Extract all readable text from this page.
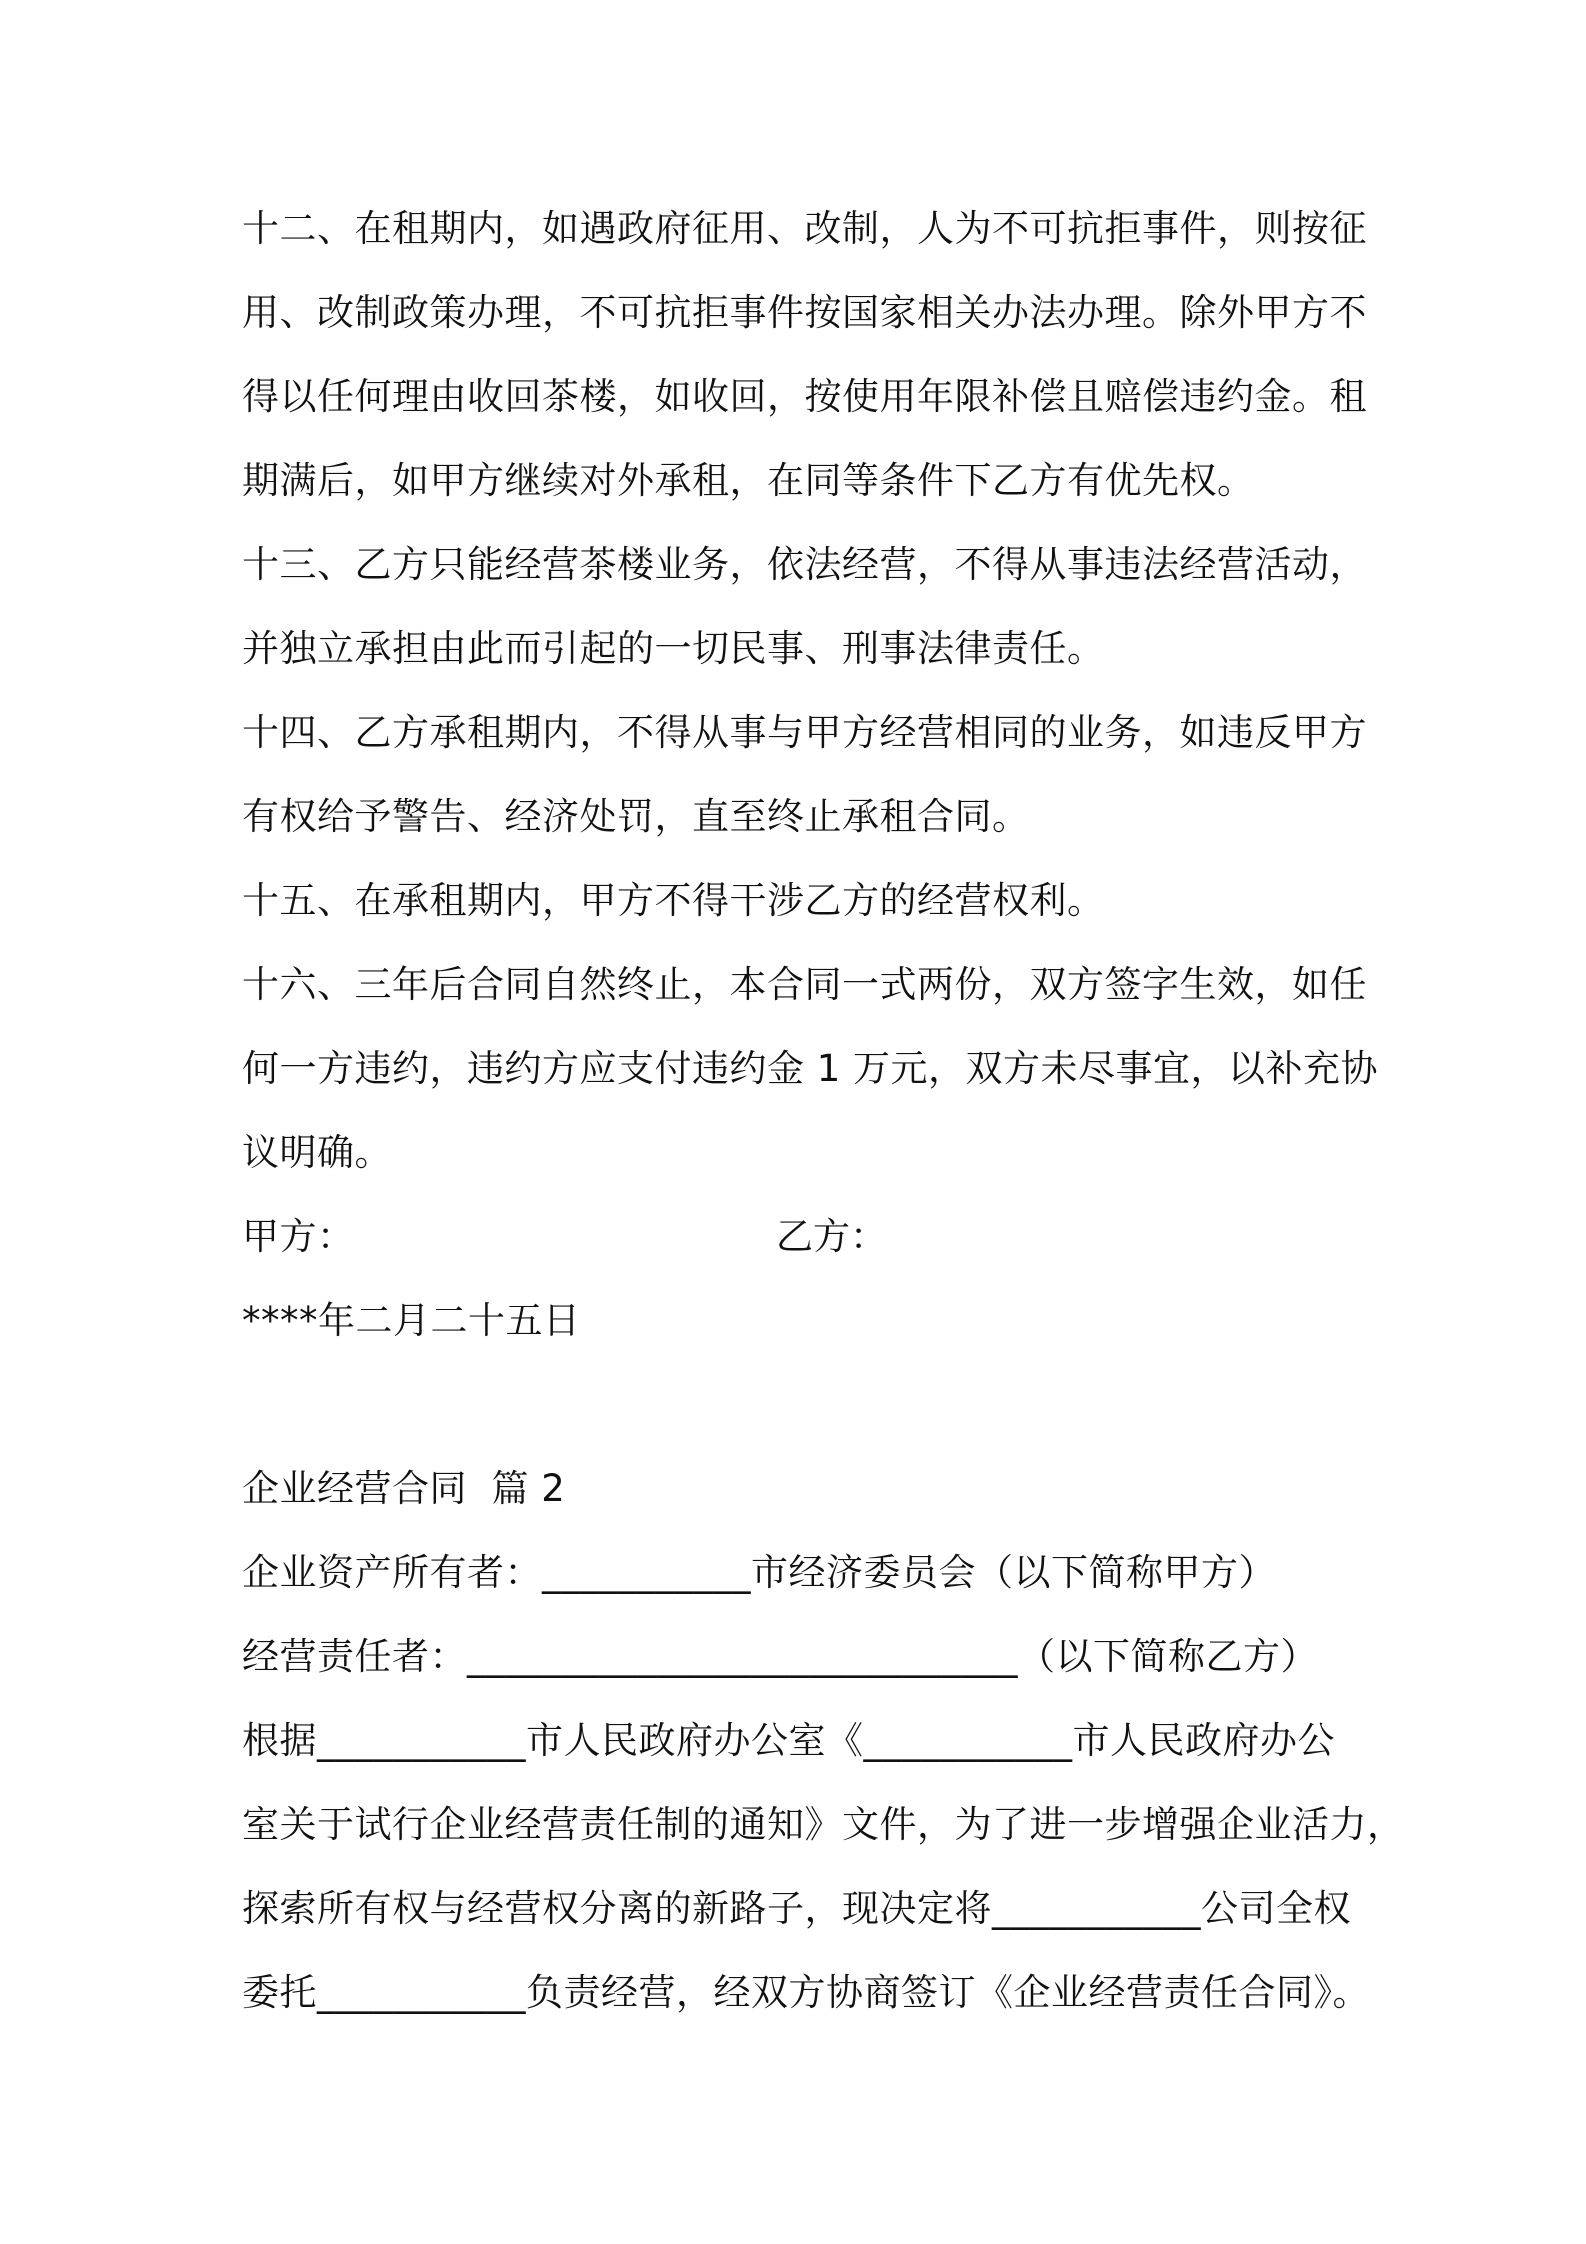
十二、在租期内，如遇政府征用、改制，人为不可抗拒事件，则按征
用、改制政策办理，不可抗拒事件按国家相关办法办理。除外甲方不
得以任何理由收回茶楼，如收回，按使用年限补偿且赔偿违约金。租
期满后，如甲方继续对外承租，在同等条件下乙方有优先权。
十三、乙方只能经营茶楼业务，依法经营，不得从事违法经营活动，
并独立承担由此而引起的一切民事、刑事法律责任。
十四、乙方承租期内，不得从事与甲方经营相同的业务，如违反甲方
有权给予警告、经济处罚，直至终止承租合同。
十五、在承租期内，甲方不得干涉乙方的经营权利。
十六、三年后合同自然终止，本合同一式两份，双方签字生效，如任
何一方违约，违约方应支付违约金 1 万元，双方未尽事宜，以补充协
议明确。
甲方：	乙方：
****年二月二十五日
企业经营合同  篇 2
企业资产所有者：___________市经济委员会（以下简称甲方）
经营责任者：_____________________________（以下简称乙方）
根据___________市人民政府办公室《___________市人民政府办公
室关于试行企业经营责任制的通知》文件，为了进一步增强企业活力，
探索所有权与经营权分离的新路子，现决定将___________公司全权
委托___________负责经营，经双方协商签订《企业经营责任合同》。
